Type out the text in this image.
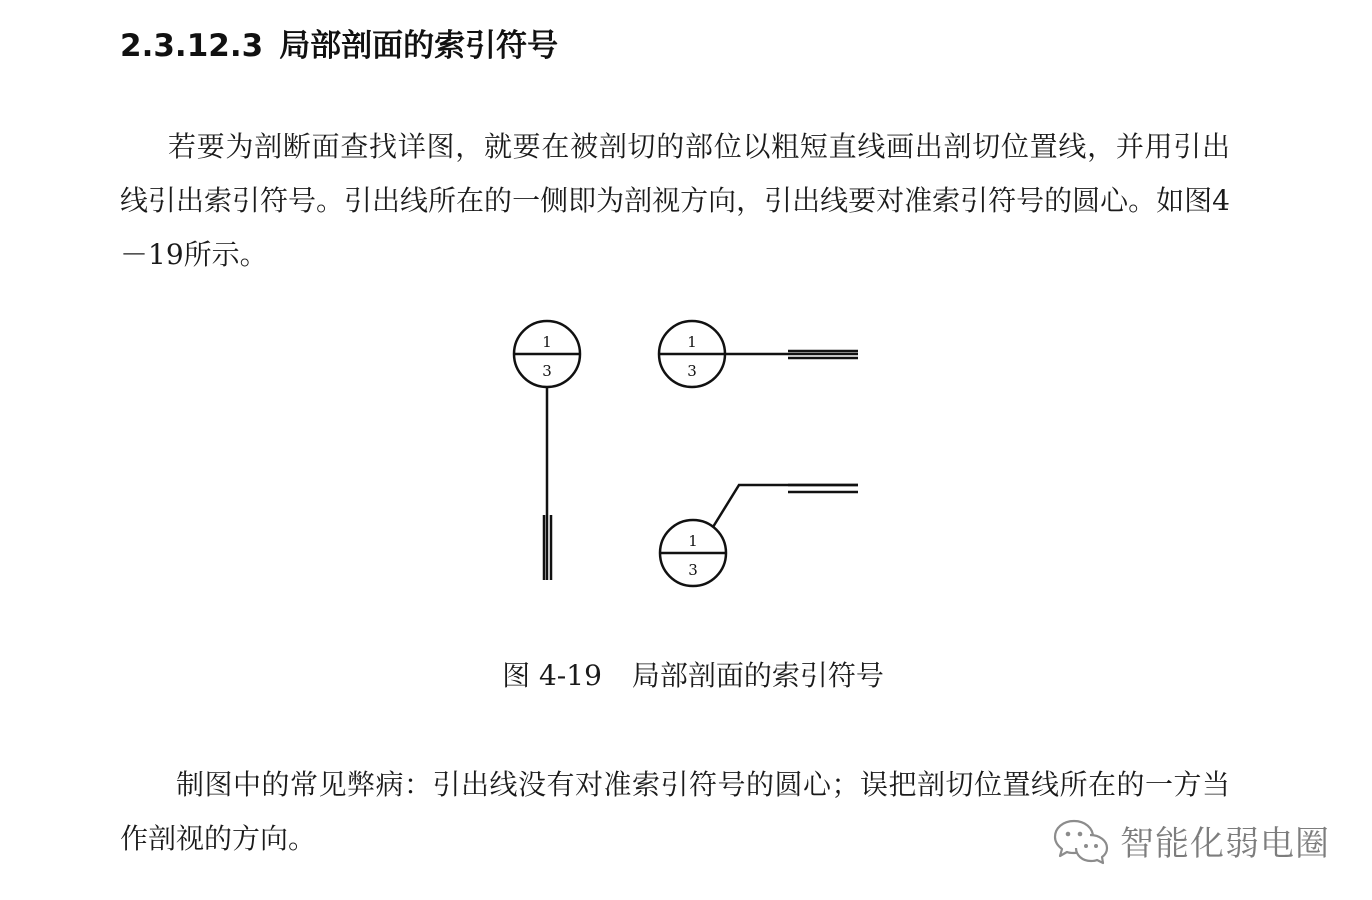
2.3.12.3 局部剖面的索引符号

若要为剖断面查找详图，就要在被剖切的部位以粗短直线画出剖切位置线，并用引出线引出索引符号。引出线所在的一侧即为剖视方向，引出线要对准索引符号的圆心。如图4－19所示。

1
3
1
3
1
3
图 4-19 局部剖面的索引符号

制图中的常见弊病：引出线没有对准索引符号的圆心；误把剖切位置线所在的一方当作剖视的方向。	智能化弱电圈
